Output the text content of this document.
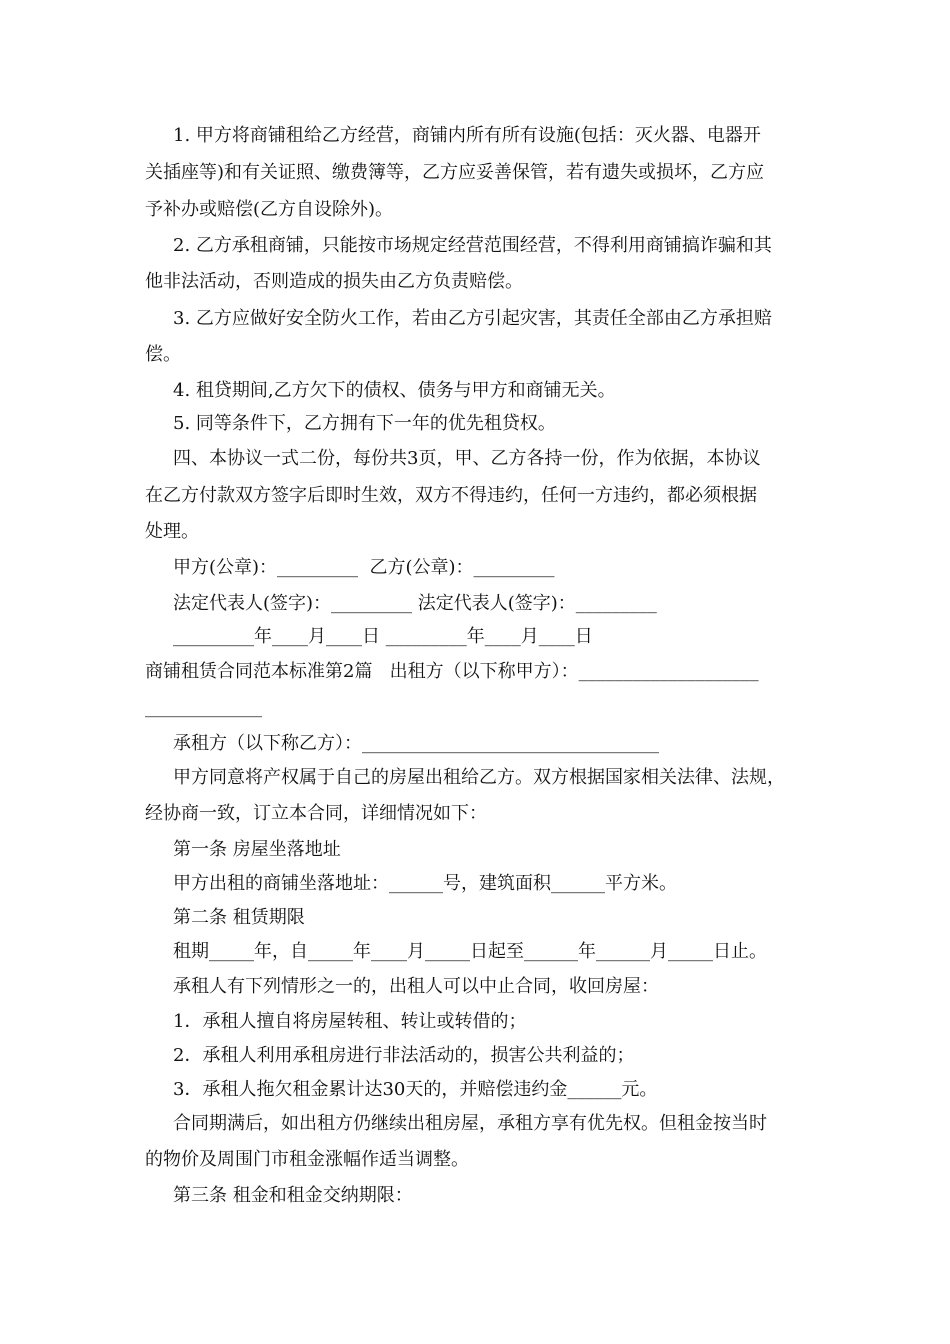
1. 甲方将商铺租给乙方经营，商铺内所有所有设施(包括：灭火器、电器开
关插座等)和有关证照、缴费簿等，乙方应妥善保管，若有遗失或损坏，乙方应
予补办或赔偿(乙方自设除外)。
2. 乙方承租商铺，只能按市场规定经营范围经营，不得利用商铺搞诈骗和其
他非法活动，否则造成的损失由乙方负责赔偿。
3. 乙方应做好安全防火工作，若由乙方引起灾害，其责任全部由乙方承担赔
偿。
4. 租贷期间,乙方欠下的债权、债务与甲方和商铺无关。
5. 同等条件下，乙方拥有下一年的优先租贷权。
四、本协议一式二份，每份共3页，甲、乙方各持一份，作为依据，本协议
在乙方付款双方签字后即时生效，双方不得违约，任何一方违约，都必须根据
处理。
甲方(公章)：_________  乙方(公章)：_________
法定代表人(签字)：_________ 法定代表人(签字)：_________
_________年____月____日 _________年____月____日
商铺租赁合同范本标准第2篇   出租方（以下称甲方）：____________________
_____________
承租方（以下称乙方）：_________________________________
甲方同意将产权属于自己的房屋出租给乙方。双方根据国家相关法律、法规，
经协商一致，订立本合同，详细情况如下：
第一条 房屋坐落地址
甲方出租的商铺坐落地址：______号，建筑面积______平方米。
第二条 租赁期限
租期_____年，自_____年____月_____日起至______年______月_____日止。
承租人有下列情形之一的，出租人可以中止合同，收回房屋：
1．承租人擅自将房屋转租、转让或转借的；
2．承租人利用承租房进行非法活动的，损害公共利益的；
3．承租人拖欠租金累计达30天的，并赔偿违约金______元。
合同期满后，如出租方仍继续出租房屋，承租方享有优先权。但租金按当时
的物价及周围门市租金涨幅作适当调整。
第三条 租金和租金交纳期限：
